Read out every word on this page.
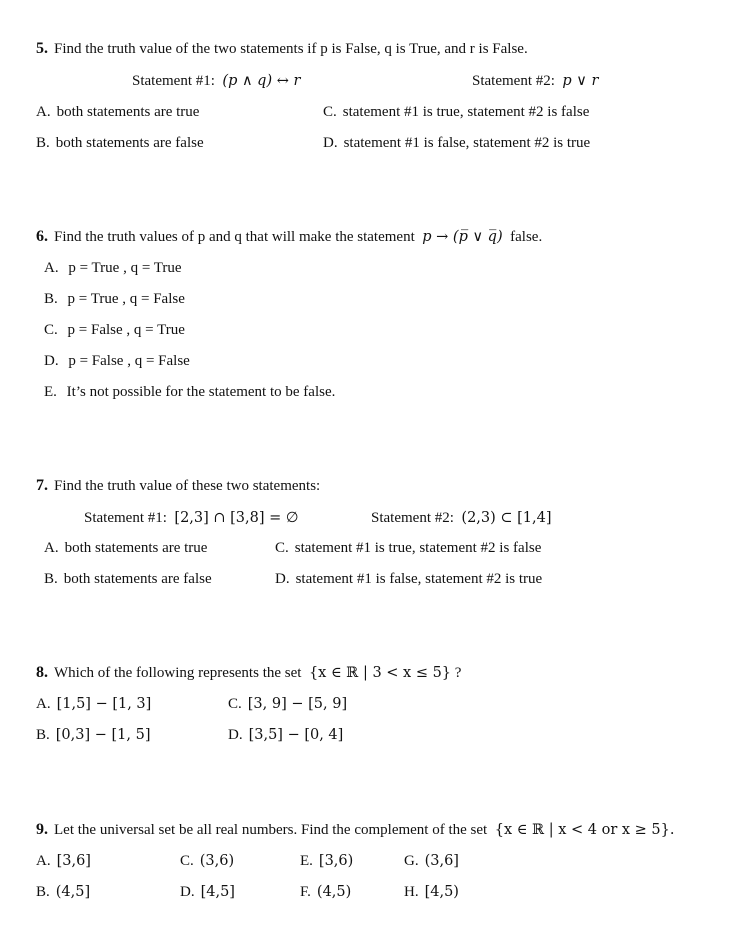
5. Find the truth value of the two statements if p is False, q is True, and r is False.
Statement #1: (p ∧ q) ↔ r	Statement #2: p ∨ r
A. both statements are true	C. statement #1 is true, statement #2 is false
B. both statements are false	D. statement #1 is false, statement #2 is true
6. Find the truth values of p and q that will make the statement p → (p̅ ∨ q̅) false.
A. p = True , q = True
B. p = True , q = False
C. p = False , q = True
D. p = False , q = False
E. It’s not possible for the statement to be false.
7. Find the truth value of these two statements:
Statement #1: [2,3] ∩ [3,8] = ∅	Statement #2: (2,3) ⊂ [1,4]
A. both statements are true	C. statement #1 is true, statement #2 is false
B. both statements are false	D. statement #1 is false, statement #2 is true
8. Which of the following represents the set {x ∈ ℝ | 3 < x ≤ 5} ?
A. [1,5] − [1, 3]	C. [3, 9] − [5, 9]
B. [0,3] − [1, 5]	D. [3,5] − [0, 4]
9. Let the universal set be all real numbers. Find the complement of the set {x ∈ ℝ | x < 4 or x ≥ 5}.
A. [3,6]	C. (3,6)	E. [3,6)	G. (3,6]
B. (4,5]	D. [4,5]	F. (4,5)	H. [4,5)
